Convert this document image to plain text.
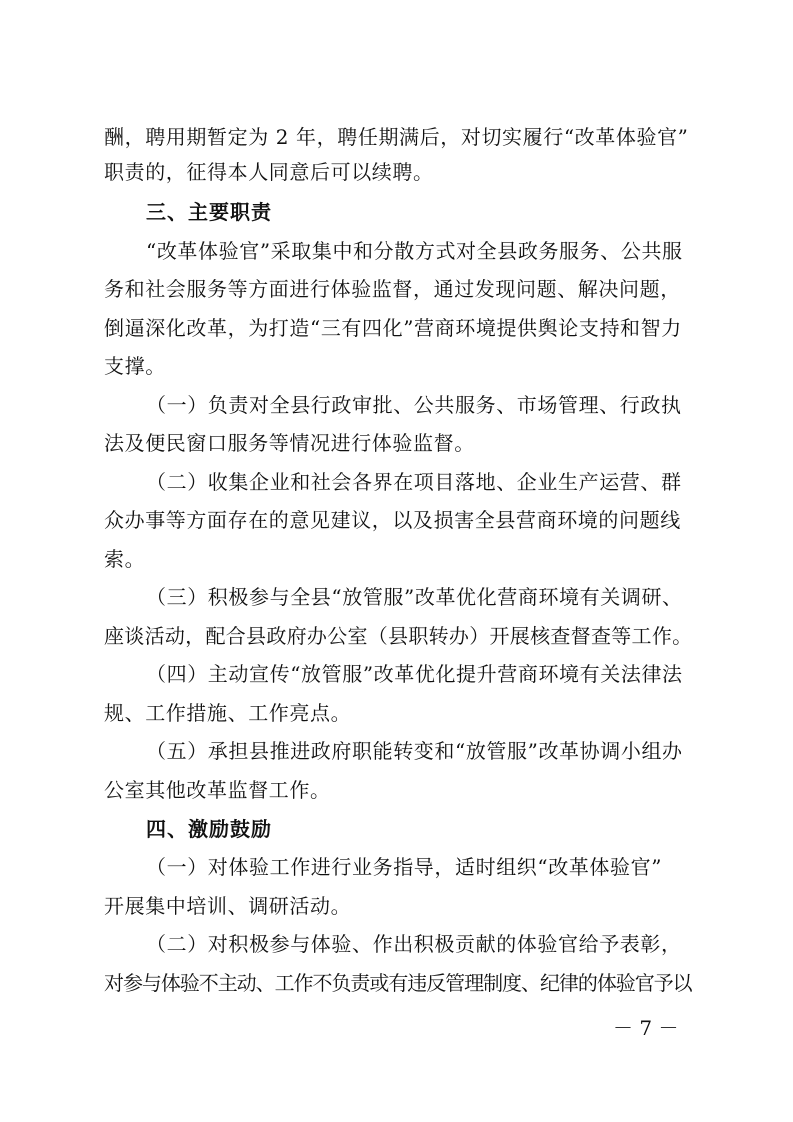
酬，聘用期暂定为 2 年，聘任期满后，对切实履行“改革体验官”
职责的，征得本人同意后可以续聘。
三、主要职责
“改革体验官”采取集中和分散方式对全县政务服务、公共服
务和社会服务等方面进行体验监督，通过发现问题、解决问题，
倒逼深化改革，为打造“三有四化”营商环境提供舆论支持和智力
支撑。
（一）负责对全县行政审批、公共服务、市场管理、行政执
法及便民窗口服务等情况进行体验监督。
（二）收集企业和社会各界在项目落地、企业生产运营、群
众办事等方面存在的意见建议，以及损害全县营商环境的问题线
索。
（三）积极参与全县“放管服”改革优化营商环境有关调研、
座谈活动，配合县政府办公室（县职转办）开展核查督查等工作。
（四）主动宣传“放管服”改革优化提升营商环境有关法律法
规、工作措施、工作亮点。
（五）承担县推进政府职能转变和“放管服”改革协调小组办
公室其他改革监督工作。
四、激励鼓励
（一）对体验工作进行业务指导，适时组织“改革体验官”
开展集中培训、调研活动。
（二）对积极参与体验、作出积极贡献的体验官给予表彰，
对参与体验不主动、工作不负责或有违反管理制度、纪律的体验官予以
－ 7 －
